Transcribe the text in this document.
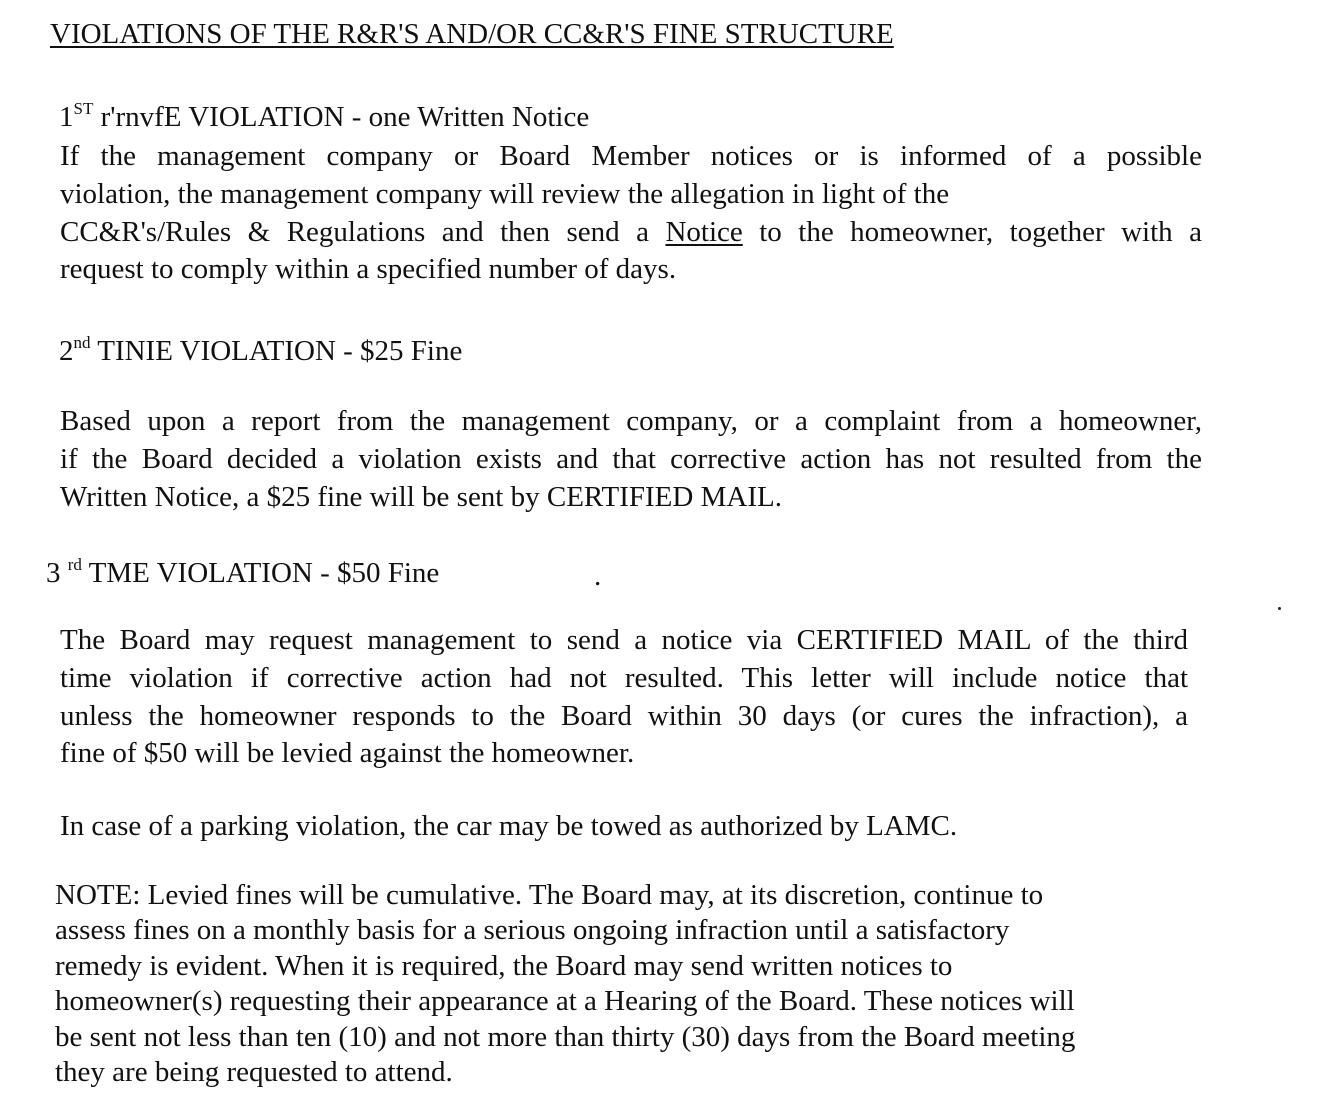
VIOLATIONS OF THE R&R'S AND/OR CC&R'S FINE STRUCTURE
1ST r'rnvfE VIOLATION - one Written Notice
If the management company or Board Member notices or is informed of a possible
violation, the management company will review the allegation in light of the
CC&R's/Rules & Regulations and then send a Notice to the homeowner, together with a
request to comply within a specified number of days.
2nd TINIE VIOLATION - $25 Fine
Based upon a report from the management company, or a complaint from a homeowner,
if the Board decided a violation exists and that corrective action has not resulted from the
Written Notice, a $25 fine will be sent by CERTIFIED MAIL.
3 $^{rd}$ TME VIOLATION - $50 Fine	.
The Board may request management to send a notice via CERTIFIED MAIL of the third
time violation if corrective action had not resulted. This letter will include notice that
unless the homeowner responds to the Board within 30 days (or cures the infraction), a
fine of $50 will be levied against the homeowner.
In case of a parking violation, the car may be towed as authorized by LAMC.
NOTE: Levied fines will be cumulative. The Board may, at its discretion, continue to
assess fines on a monthly basis for a serious ongoing infraction until a satisfactory
remedy is evident. When it is required, the Board may send written notices to
homeowner(s) requesting their appearance at a Hearing of the Board. These notices will
be sent not less than ten (10) and not more than thirty (30) days from the Board meeting
they are being requested to attend.
